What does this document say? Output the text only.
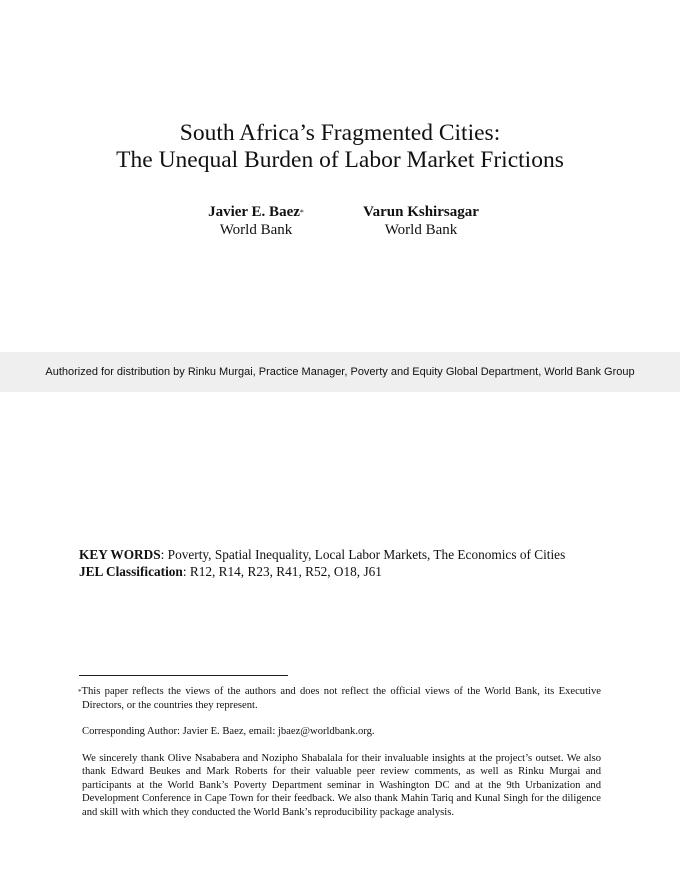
South Africa’s Fragmented Cities:
The Unequal Burden of Labor Market Frictions
Javier E. Baez*
World Bank
Varun Kshirsagar
World Bank
Authorized for distribution by Rinku Murgai, Practice Manager, Poverty and Equity Global Department, World Bank Group
KEY WORDS: Poverty, Spatial Inequality, Local Labor Markets, The Economics of Cities
JEL Classification: R12, R14, R23, R41, R52, O18, J61

*This paper reflects the views of the authors and does not reflect the official views of the World Bank, its Executive Directors, or the countries they represent.

Corresponding Author: Javier E. Baez, email: jbaez@worldbank.org.

We sincerely thank Olive Nsababera and Nozipho Shabalala for their invaluable insights at the project’s outset. We also thank Edward Beukes and Mark Roberts for their valuable peer review comments, as well as Rinku Murgai and participants at the World Bank’s Poverty Department seminar in Washington DC and at the 9th Urbanization and Development Conference in Cape Town for their feedback. We also thank Mahin Tariq and Kunal Singh for the diligence and skill with which they conducted the World Bank’s reproducibility package analysis.
